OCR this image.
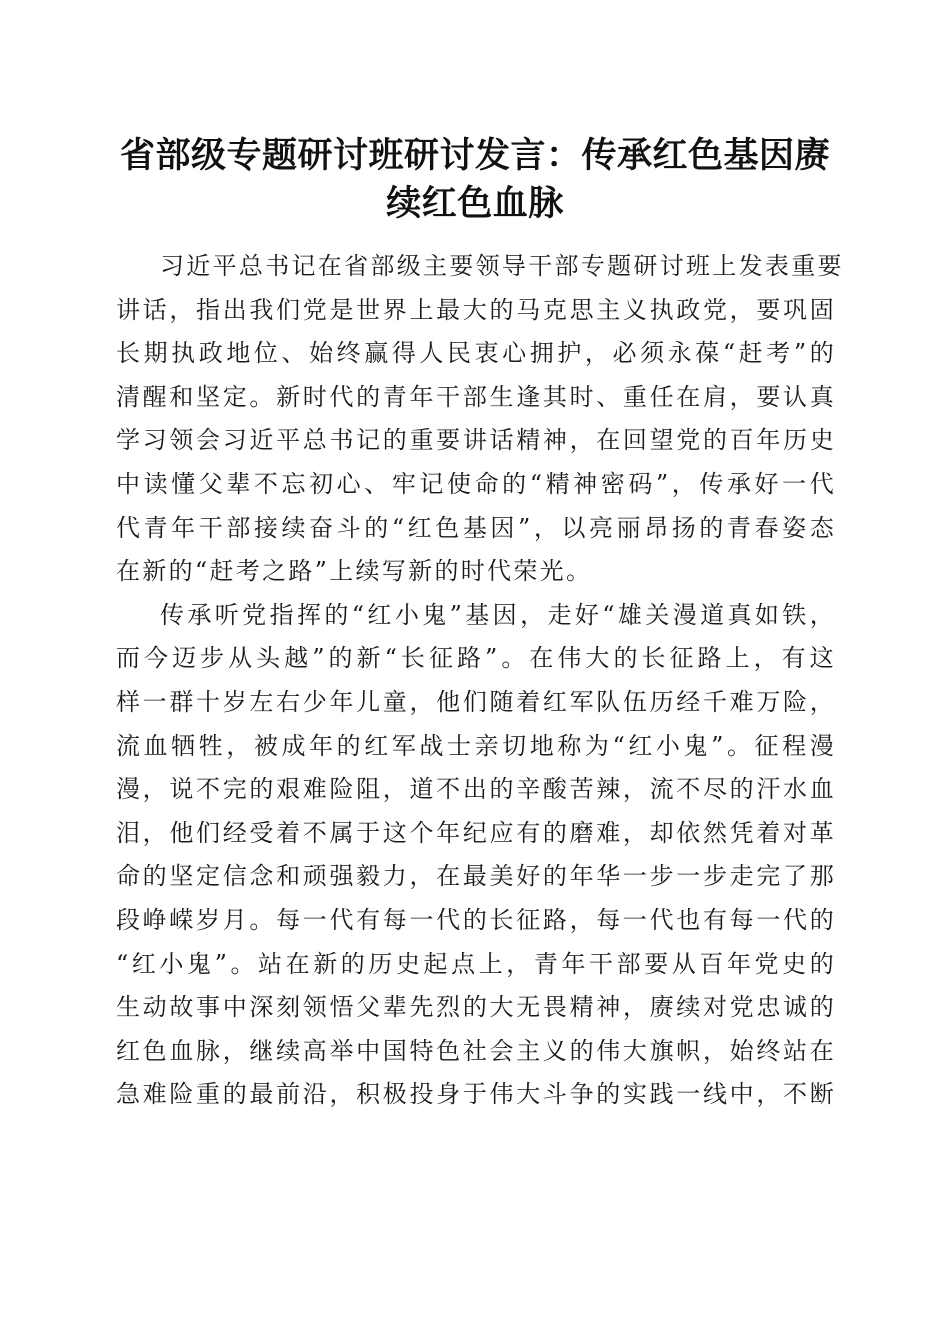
省部级专题研讨班研讨发言：传承红色基因赓
续红色血脉
习近平总书记在省部级主要领导干部专题研讨班上发表重要
讲话，指出我们党是世界上最大的马克思主义执政党，要巩固
长期执政地位、始终赢得人民衷心拥护，必须永葆“赶考”的
清醒和坚定。新时代的青年干部生逢其时、重任在肩，要认真
学习领会习近平总书记的重要讲话精神，在回望党的百年历史
中读懂父辈不忘初心、牢记使命的“精神密码”，传承好一代
代青年干部接续奋斗的“红色基因”，以亮丽昂扬的青春姿态
在新的“赶考之路”上续写新的时代荣光。
传承听党指挥的“红小鬼”基因，走好“雄关漫道真如铁，
而今迈步从头越”的新“长征路”。在伟大的长征路上，有这
样一群十岁左右少年儿童，他们随着红军队伍历经千难万险，
流血牺牲，被成年的红军战士亲切地称为“红小鬼”。征程漫
漫，说不完的艰难险阻，道不出的辛酸苦辣，流不尽的汗水血
泪，他们经受着不属于这个年纪应有的磨难，却依然凭着对革
命的坚定信念和顽强毅力，在最美好的年华一步一步走完了那
段峥嵘岁月。每一代有每一代的长征路，每一代也有每一代的
“红小鬼”。站在新的历史起点上，青年干部要从百年党史的
生动故事中深刻领悟父辈先烈的大无畏精神，赓续对党忠诚的
红色血脉，继续高举中国特色社会主义的伟大旗帜，始终站在
急难险重的最前沿，积极投身于伟大斗争的实践一线中，不断
